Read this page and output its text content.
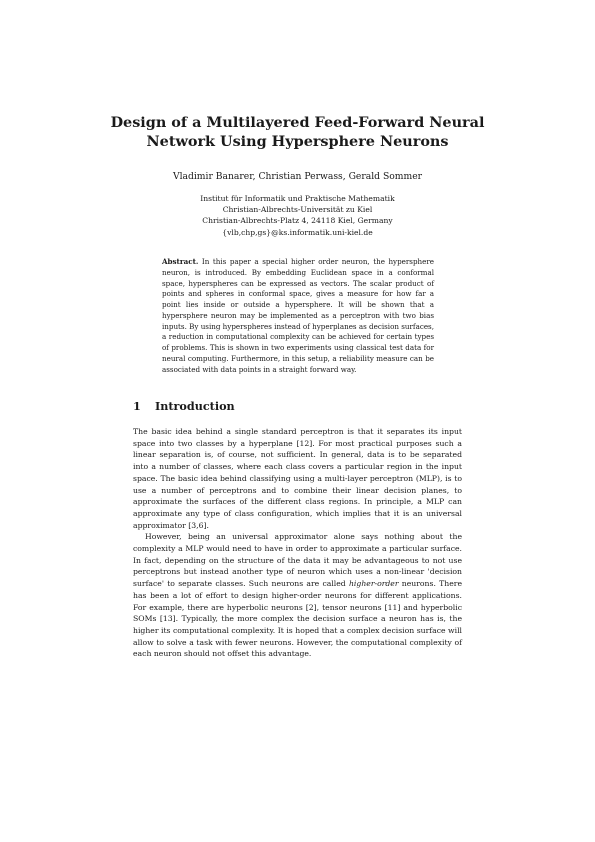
Design of a Multilayered Feed-Forward Neural
Network Using Hypersphere Neurons
Vladimir Banarer, Christian Perwass, Gerald Sommer
Institut für Informatik und Praktische Mathematik
Christian-Albrechts-Universität zu Kiel
Christian-Albrechts-Platz 4, 24118 Kiel, Germany
{vlb,chp,gs}@ks.informatik.uni-kiel.de
Abstract. In this paper a special higher order neuron, the hypersphere neuron, is introduced. By embedding Euclidean space in a conformal space, hyperspheres can be expressed as vectors. The scalar product of points and spheres in conformal space, gives a measure for how far a point lies inside or outside a hypersphere. It will be shown that a hypersphere neuron may be implemented as a perceptron with two bias inputs. By using hyperspheres instead of hyperplanes as decision surfaces, a reduction in computational complexity can be achieved for certain types of problems. This is shown in two experiments using classical test data for neural computing. Furthermore, in this setup, a reliability measure can be associated with data points in a straight forward way.
1 Introduction

The basic idea behind a single standard perceptron is that it separates its input space into two classes by a hyperplane [12]. For most practical purposes such a linear separation is, of course, not sufficient. In general, data is to be separated into a number of classes, where each class covers a particular region in the input space. The basic idea behind classifying using a multi-layer perceptron (MLP), is to use a number of perceptrons and to combine their linear decision planes, to approximate the surfaces of the different class regions. In principle, a MLP can approximate any type of class configuration, which implies that it is an universal approximator [3,6].

However, being an universal approximator alone says nothing about the complexity a MLP would need to have in order to approximate a particular surface. In fact, depending on the structure of the data it may be advantageous to not use perceptrons but instead another type of neuron which uses a non-linear 'decision surface' to separate classes. Such neurons are called higher-order neurons. There has been a lot of effort to design higher-order neurons for different applications. For example, there are hyperbolic neurons [2], tensor neurons [11] and hyperbolic SOMs [13]. Typically, the more complex the decision surface a neuron has is, the higher its computational complexity. It is hoped that a complex decision surface will allow to solve a task with fewer neurons. However, the computational complexity of each neuron should not offset this advantage.
